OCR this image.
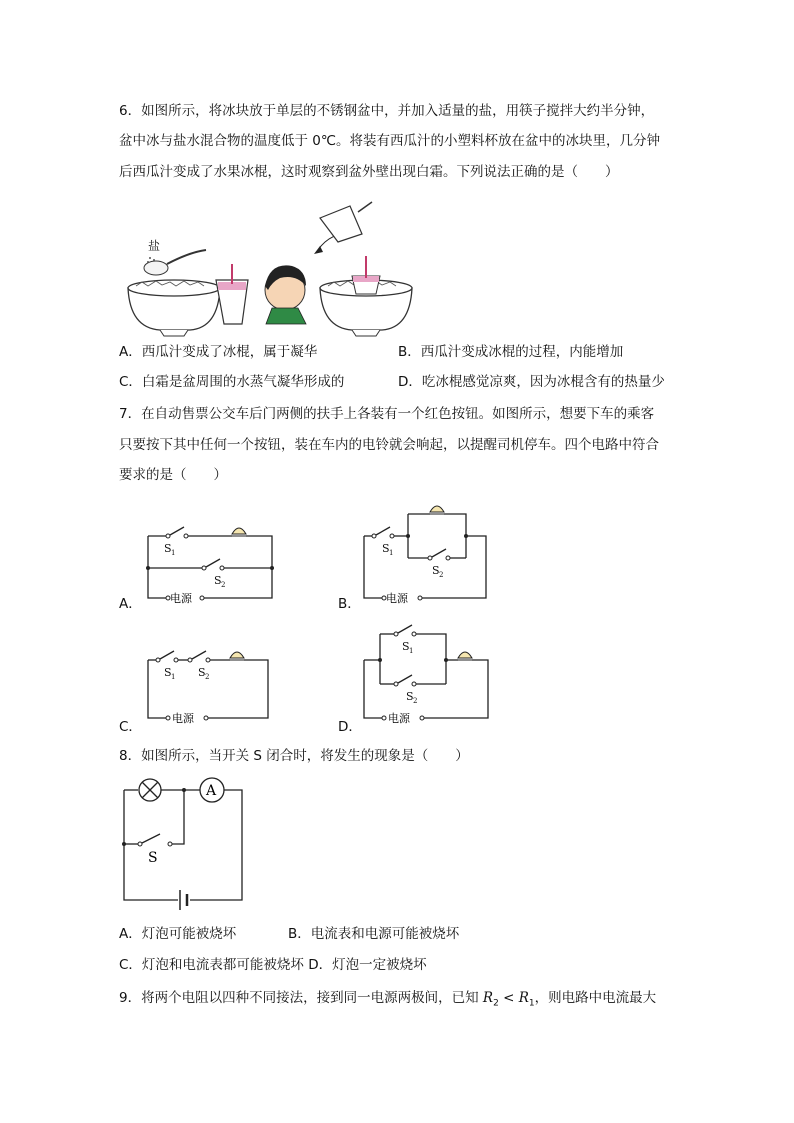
6．如图所示，将冰块放于单层的不锈钢盆中，并加入适量的盐，用筷子搅拌大约半分钟，
盆中冰与盐水混合物的温度低于 0℃。将装有西瓜汁的小塑料杯放在盆中的冰块里，几分钟
后西瓜汁变成了水果冰棍，这时观察到盆外壁出现白霜。下列说法正确的是（　　）
盐
A．西瓜汁变成了冰棍，属于凝华	B．西瓜汁变成冰棍的过程，内能增加
C．白霜是盆周围的水蒸气凝华形成的	D．吃冰棍感觉凉爽，因为冰棍含有的热量少
7．在自动售票公交车后门两侧的扶手上各装有一个红色按钮。如图所示，想要下车的乘客
只要按下其中任何一个按钮，装在车内的电铃就会响起，以提醒司机停车。四个电路中符合
要求的是（　　）
A．
S 1
S 2
电源	B．
S 1
S 2
电源
C．
S 1 S 2
电源
D．
S 1
S 2
电源
8．如图所示，当开关 S 闭合时，将发生的现象是（　　）
A
S
A．灯泡可能被烧坏	B．电流表和电源可能被烧坏
C．灯泡和电流表都可能被烧坏 D．灯泡一定被烧坏
9．将两个电阻以四种不同接法，接到同一电源两极间，已知 $R_2 < R_1$，则电路中电流最大
